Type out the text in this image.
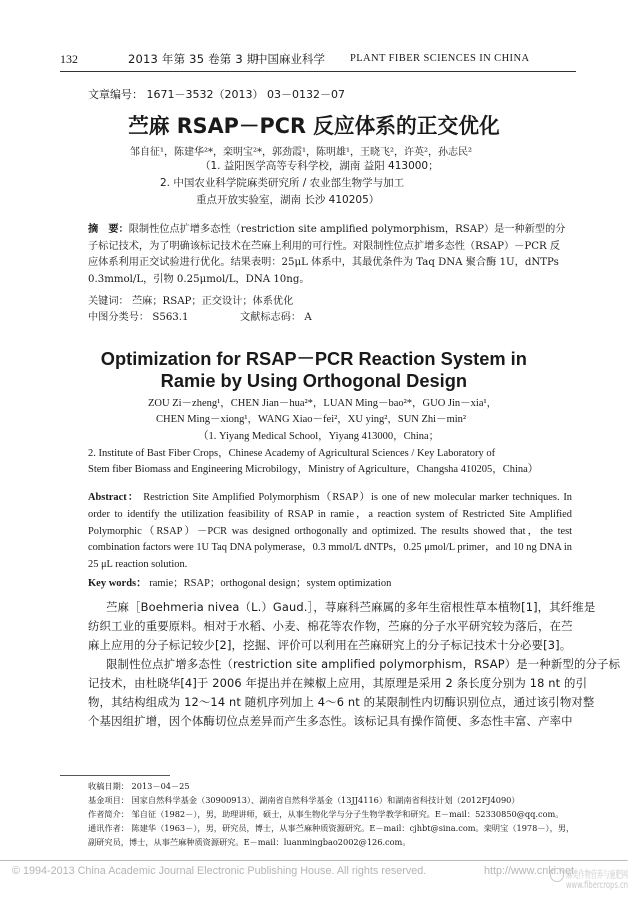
132	2013 年第 35 卷第 3 期
中国麻业科学 PLANT FIBER SCIENCES IN CHINA
文章编号： 1671－3532（2013） 03－0132－07
苎麻 RSAP－PCR 反应体系的正交优化
邹自征¹，陈建华²*，栾明宝²*，郭劲霞¹，陈明雄¹，王晓飞²，许英²，孙志民²
（1. 益阳医学高等专科学校，湖南 益阳 413000；
2. 中国农业科学院麻类研究所 / 农业部生物学与加工
重点开放实验室，湖南 长沙 410205）
摘　要：限制性位点扩增多态性（restriction site amplified polymorphism，RSAP）是一种新型的分子标记技术，为了明确该标记技术在苎麻上利用的可行性。对限制性位点扩增多态性（RSAP）－PCR 反应体系利用正交试验进行优化。结果表明：25μL 体系中，其最优条件为 Taq DNA 聚合酶 1U，dNTPs 0.3mmol/L，引物 0.25μmol/L，DNA 10ng。
关键词： 苎麻；RSAP；正交设计；体系优化
中图分类号： S563.1	文献标志码： A
Optimization for RSAP－PCR Reaction System in
Ramie by Using Orthogonal Design
ZOU Zi－zheng¹，CHEN Jian－hua²*，LUAN Ming－bao²*，GUO Jin－xia¹，
CHEN Ming－xiong¹，WANG Xiao－fei²，XU ying²，SUN Zhi－min²
（1. Yiyang Medical School，Yiyang 413000，China；
2. Institute of Bast Fiber Crops，Chinese Academy of Agricultural Sciences / Key Laboratory of
Stem fiber Biomass and Engineering Microbilogy，Ministry of Agriculture，Changsha 410205，China）
Abstract： Restriction Site Amplified Polymorphism（RSAP）is one of new molecular marker techniques. In order to identify the utilization feasibility of RSAP in ramie，a reaction system of Restricted Site Amplified Polymorphic（RSAP）－PCR was designed orthogonally and optimized. The results showed that，the test combination factors were 1U Taq DNA polymerase，0.3 mmol/L dNTPs，0.25 μmol/L primer，and 10 ng DNA in 25 μL reaction solution.
Key words： ramie；RSAP；orthogonal design；system optimization
苎麻［Boehmeria nivea（L.）Gaud.］，荨麻科苎麻属的多年生宿根性草本植物[1]，其纤维是
纺织工业的重要原料。相对于水稻、小麦、棉花等农作物，苎麻的分子水平研究较为落后，在苎
麻上应用的分子标记较少[2]，挖掘、评价可以利用在苎麻研究上的分子标记技术十分必要[3]。
限制性位点扩增多态性（restriction site amplified polymorphism，RSAP）是一种新型的分子标
记技术，由杜晓华[4]于 2006 年提出并在辣椒上应用，其原理是采用 2 条长度分别为 18 nt 的引
物，其结构组成为 12～14 nt 随机序列加上 4～6 nt 的某限制性内切酶识别位点，通过该引物对整
个基因组扩增，因个体酶切位点差异而产生多态性。该标记具有操作简便、多态性丰富、产率中
收稿日期： 2013－04－25
基金项目： 国家自然科学基金（30900913）、湖南省自然科学基金（13JJ4116）和湖南省科技计划（2012FJ4090）
作者简介： 邹自征（1982－），男，助理讲师，硕士，从事生物化学与分子生物学教学和研究。E－mail：52330850@qq.com。
通讯作者： 陈建华（1963－），男，研究员，博士，从事苎麻种质资源研究。E－mail：cjhbt@sina.com。栾明宝（1978－），男，
副研究员，博士，从事苎麻种质资源研究。E－mail：luanmingbao2002@126.com。
© 1994-2013 China Academic Journal Electronic Publishing House. All rights reserved.	http://www.cnki.net
麻类作物营养与施肥网
www.fibercrops.cn
